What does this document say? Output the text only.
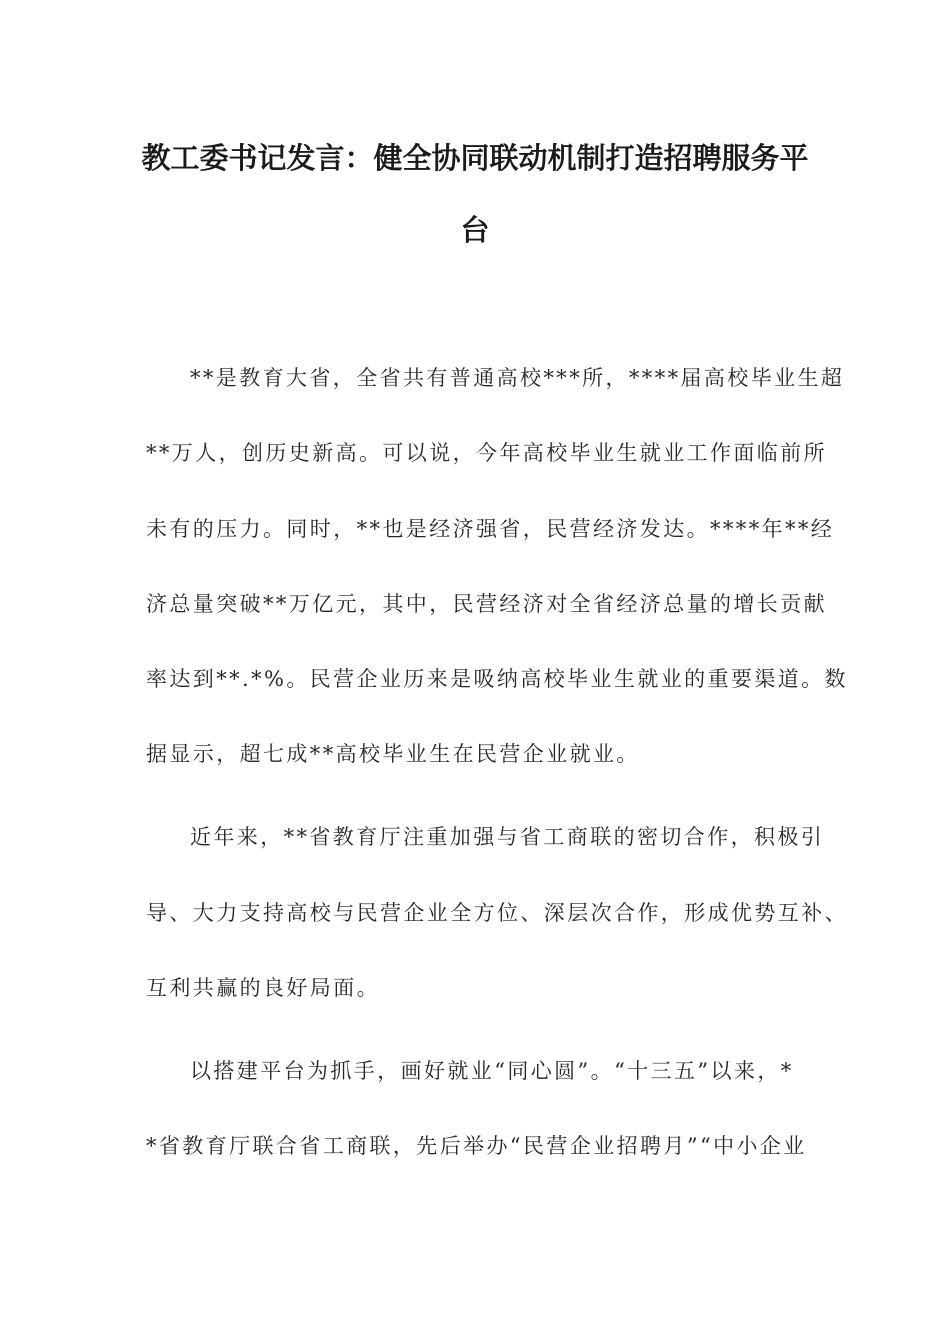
教工委书记发言：健全协同联动机制打造招聘服务平
台
**是教育大省，全省共有普通高校***所，****届高校毕业生超
**万人，创历史新高。可以说，今年高校毕业生就业工作面临前所
未有的压力。同时，**也是经济强省，民营经济发达。****年**经
济总量突破**万亿元，其中，民营经济对全省经济总量的增长贡献
率达到**.*%。民营企业历来是吸纳高校毕业生就业的重要渠道。数
据显示，超七成**高校毕业生在民营企业就业。
近年来，**省教育厅注重加强与省工商联的密切合作，积极引
导、大力支持高校与民营企业全方位、深层次合作，形成优势互补、
互利共赢的良好局面。
以搭建平台为抓手，画好就业“同心圆”。“十三五”以来，*
*省教育厅联合省工商联，先后举办“民营企业招聘月”“中小企业
